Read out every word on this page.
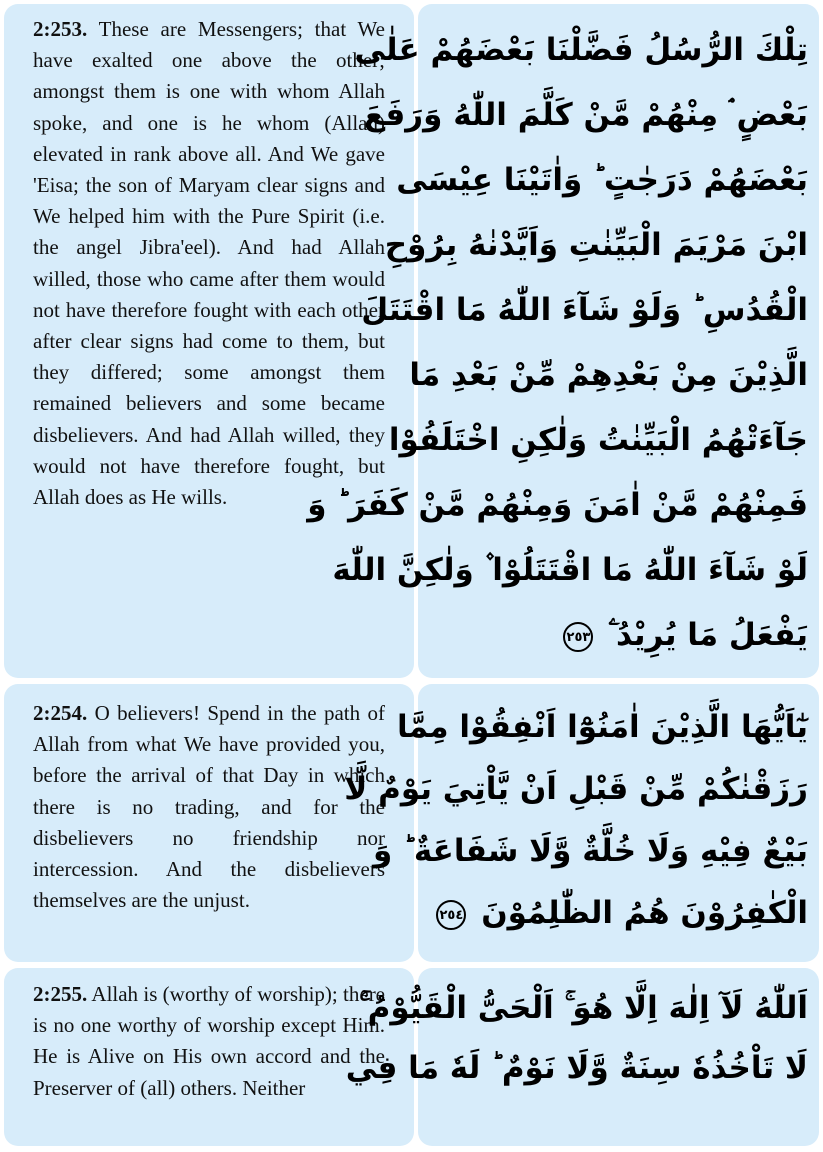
2:253. These are Messengers; that We have exalted one above the other; amongst them is one with whom Allah spoke, and one is he whom (Allah) elevated in rank above all. And We gave 'Eisa; the son of Maryam clear signs and We helped him with the Pure Spirit (i.e. the angel Jibra'eel). And had Allah willed, those who came after them would not have therefore fought with each other after clear signs had come to them, but they differed; some amongst them remained believers and some became disbelievers. And had Allah willed, they would not have therefore fought, but Allah does as He wills.
تِلْكَ الرُّسُلُ فَضَّلْنَا بَعْضَهُمْ عَلٰى
بَعْضٍ ۘ مِنْهُمْ مَّنْ كَلَّمَ اللّٰهُ وَرَفَعَ
بَعْضَهُمْ دَرَجٰتٍ ؕ وَاٰتَيْنَا عِيْسَى
ابْنَ مَرْيَمَ الْبَيِّنٰتِ وَاَيَّدْنٰهُ بِرُوْحِ
الْقُدُسِ ؕ وَلَوْ شَآءَ اللّٰهُ مَا اقْتَتَلَ
الَّذِيْنَ مِنْ بَعْدِهِمْ مِّنْ بَعْدِ مَا
جَآءَتْهُمُ الْبَيِّنٰتُ وَلٰكِنِ اخْتَلَفُوْا
فَمِنْهُمْ مَّنْ اٰمَنَ وَمِنْهُمْ مَّنْ كَفَرَ ؕ وَ
لَوْ شَآءَ اللّٰهُ مَا اقْتَتَلُوْا ۫ وَلٰكِنَّ اللّٰهَ
يَفْعَلُ مَا يُرِيْدُ ۧ ٢٥٣
2:254. O believers! Spend in the path of Allah from what We have provided you, before the arrival of that Day in which there is no trading, and for the disbelievers no friendship nor intercession. And the disbelievers themselves are the unjust.
يٰٓاَيُّهَا الَّذِيْنَ اٰمَنُوْٓا اَنْفِقُوْا مِمَّا
رَزَقْنٰكُمْ مِّنْ قَبْلِ اَنْ يَّاْتِيَ يَوْمٌ لَّا
بَيْعٌ فِيْهِ وَلَا خُلَّةٌ وَّلَا شَفَاعَةٌ ؕ وَ
الْكٰفِرُوْنَ هُمُ الظّٰلِمُوْنَ ٢٥٤
2:255. Allah is (worthy of worship); there is no one worthy of worship except Him. He is Alive on His own accord and the Preserver of (all) others. Neither
اَللّٰهُ لَآ اِلٰهَ اِلَّا هُوَ ۚ اَلْحَیُّ الْقَيُّوْمُ ۚ
لَا تَاْخُذُهٗ سِنَةٌ وَّلَا نَوْمٌ ؕ لَهٗ مَا فِي
